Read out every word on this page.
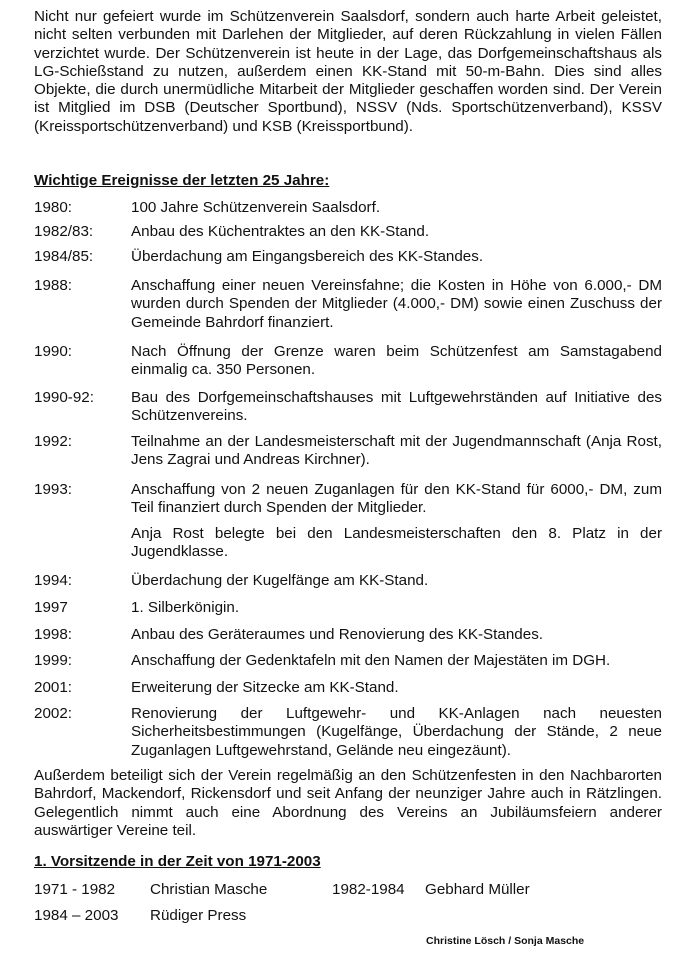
Nicht nur gefeiert wurde im Schützenverein Saalsdorf, sondern auch harte Arbeit geleistet, nicht selten verbunden mit Darlehen der Mitglieder, auf deren Rückzahlung in vielen Fällen verzichtet wurde. Der Schützenverein ist heute in der Lage, das Dorfgemeinschaftshaus als LG-Schießstand zu nutzen, außerdem einen KK-Stand mit 50-m-Bahn. Dies sind alles Objekte, die durch unermüdliche Mitarbeit der Mitglieder geschaffen worden sind. Der Verein ist Mitglied im DSB (Deutscher Sportbund), NSSV (Nds. Sportschützenverband), KSSV (Kreissportschützenverband) und KSB (Kreissportbund).

Wichtige Ereignisse der letzten 25 Jahre:
1980:	100 Jahre Schützenverein Saalsdorf.
1982/83:	Anbau des Küchentraktes an den KK-Stand.
1984/85:	Überdachung am Eingangsbereich des KK-Standes.
1988:	Anschaffung einer neuen Vereinsfahne; die Kosten in Höhe von 6.000,- DM wurden durch Spenden der Mitglieder (4.000,- DM) sowie einen Zuschuss der Gemeinde Bahrdorf finanziert.
1990:	Nach Öffnung der Grenze waren beim Schützenfest am Samstagabend einmalig ca. 350 Personen.
1990-92:	Bau des Dorfgemeinschaftshauses mit Luftgewehrständen auf Initiative des Schützenvereins.
1992:	Teilnahme an der Landesmeisterschaft mit der Jugendmannschaft (Anja Rost, Jens Zagrai und Andreas Kirchner).
1993:	Anschaffung von 2 neuen Zuganlagen für den KK-Stand für 6000,- DM, zum Teil finanziert durch Spenden der Mitglieder.
Anja Rost belegte bei den Landesmeisterschaften den 8. Platz in der Jugendklasse.
1994:	Überdachung der Kugelfänge am KK-Stand.
1997	1. Silberkönigin.
1998:	Anbau des Geräteraumes und Renovierung des KK-Standes.
1999:	Anschaffung der Gedenktafeln mit den Namen der Majestäten im DGH.
2001:	Erweiterung der Sitzecke am KK-Stand.
2002:	Renovierung der Luftgewehr- und KK-Anlagen nach neuesten Sicherheitsbestimmungen (Kugelfänge, Überdachung der Stände, 2 neue Zuganlagen Luftgewehrstand, Gelände neu eingezäunt).

Außerdem beteiligt sich der Verein regelmäßig an den Schützenfesten in den Nachbarorten Bahrdorf, Mackendorf, Rickensdorf und seit Anfang der neunziger Jahre auch in Rätzlingen. Gelegentlich nimmt auch eine Abordnung des Vereins an Jubiläumsfeiern anderer auswärtiger Vereine teil.

1. Vorsitzende in der Zeit von 1971-2003
1971 - 1982 Christian Masche	1982-1984 Gebhard Müller
1984 – 2003 Rüdiger Press
Christine Lösch / Sonja Masche
